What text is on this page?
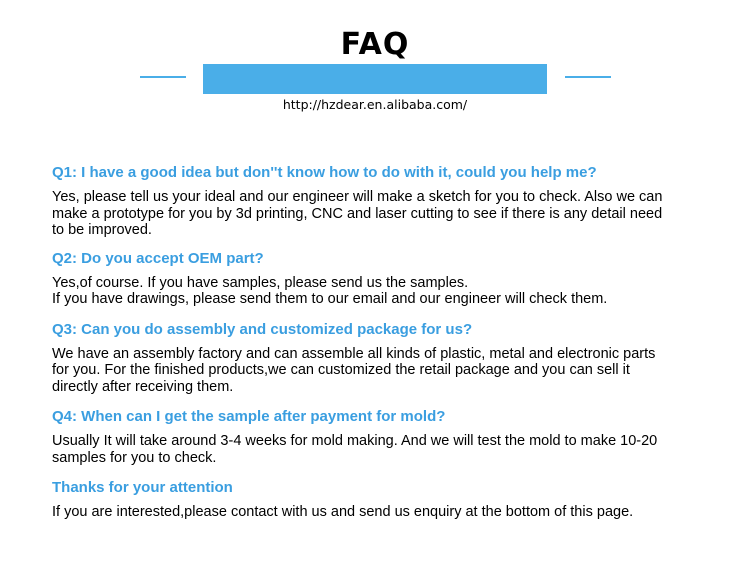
FAQ
http://hzdear.en.alibaba.com/

Q1: I have a good idea but don''t know how to do with it, could you help me?

Yes, please tell us your ideal and our engineer will make a sketch for you to check. Also we can
make a prototype for you by 3d printing, CNC and laser cutting to see if there is any detail need
to be improved.

Q2: Do you accept OEM part?

Yes,of course. If you have samples, please send us the samples.
If you have drawings, please send them to our email and our engineer will check them.

Q3: Can you do assembly and customized package for us?

We have an assembly factory and can assemble all kinds of plastic, metal and electronic parts
for you. For the finished products,we can customized the retail package and you can sell it
directly after receiving them.

Q4: When can I get the sample after payment for mold?

Usually It will take around 3-4 weeks for mold making. And we will test the mold to make 10-20
samples for you to check.

Thanks for your attention

If you are interested,please contact with us and send us enquiry at the bottom of this page.
